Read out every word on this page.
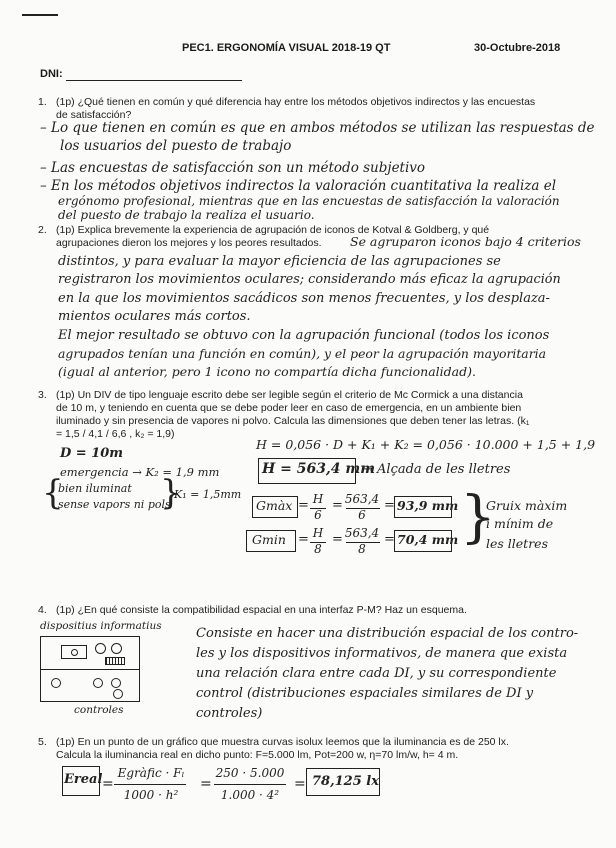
PEC1. ERGONOMÍA VISUAL 2018-19 QT	30-Octubre-2018
DNI:
1. (1p) ¿Qué tienen en común y qué diferencia hay entre los métodos objetivos indirectos y las encuestas
de satisfacción?
– Lo que tienen en común es que en ambos métodos se utilizan las respuestas de
los usuarios del puesto de trabajo
– Las encuestas de satisfacción son un método subjetivo
– En los métodos objetivos indirectos la valoración cuantitativa la realiza el
ergónomo profesional, mientras que en las encuestas de satisfacción la valoración
del puesto de trabajo la realiza el usuario.
2. (1p) Explica brevemente la experiencia de agrupación de iconos de Kotval & Goldberg, y qué
agrupaciones dieron los mejores y los peores resultados. Se agruparon iconos bajo 4 criterios
distintos, y para evaluar la mayor eficiencia de las agrupaciones se
registraron los movimientos oculares; considerando más eficaz la agrupación
en la que los movimientos sacádicos son menos frecuentes, y los desplaza-
mientos oculares más cortos.
El mejor resultado se obtuvo con la agrupación funcional (todos los iconos
agrupados tenían una función en común), y el peor la agrupación mayoritaria
(igual al anterior, pero 1 icono no compartía dicha funcionalidad).
3. (1p) Un DIV de tipo lenguaje escrito debe ser legible según el criterio de Mc Cormick a una distancia
de 10 m, y teniendo en cuenta que se debe poder leer en caso de emergencia, en un ambiente bien
iluminado y sin presencia de vapores ni polvo. Calcula las dimensiones que deben tener las letras. (k₁
= 1,5 / 4,1 / 6,6 , k₂ = 1,9)
H = 0,056 · D + K₁ + K₂ = 0,056 · 10.000 + 1,5 + 1,9
D = 10m
emergencia → K₂ = 1,9 mm
{
bien iluminat
sense vapors ni pols
}
K₁ = 1,5mm
H = 563,4 mm
→ Alçada de les lletres
Gmàx = H
6
= 563,4
6
= 93,9 mm
Gmin = H
8
= 563,4
8
= 70,4 mm }
Gruix màxim
i mínim de
les lletres
4. (1p) ¿En qué consiste la compatibilidad espacial en una interfaz P-M? Haz un esquema.
dispositius informatius
controles
Consiste en hacer una distribución espacial de los contro-
les y los dispositivos informativos, de manera que exista
una relación clara entre cada DI, y su correspondiente
control (distribuciones espaciales similares de DI y
controles)
5. (1p) En un punto de un gráfico que muestra curvas isolux leemos que la iluminancia es de 250 lx.
Calcula la iluminancia real en dicho punto: F=5.000 lm, Pot=200 w, η=70 lm/w, h= 4 m.
Ereal =
Egràfic · Fₗ
1000 · h²
=
250 · 5.000
1.000 · 4²
= 78,125 lx
